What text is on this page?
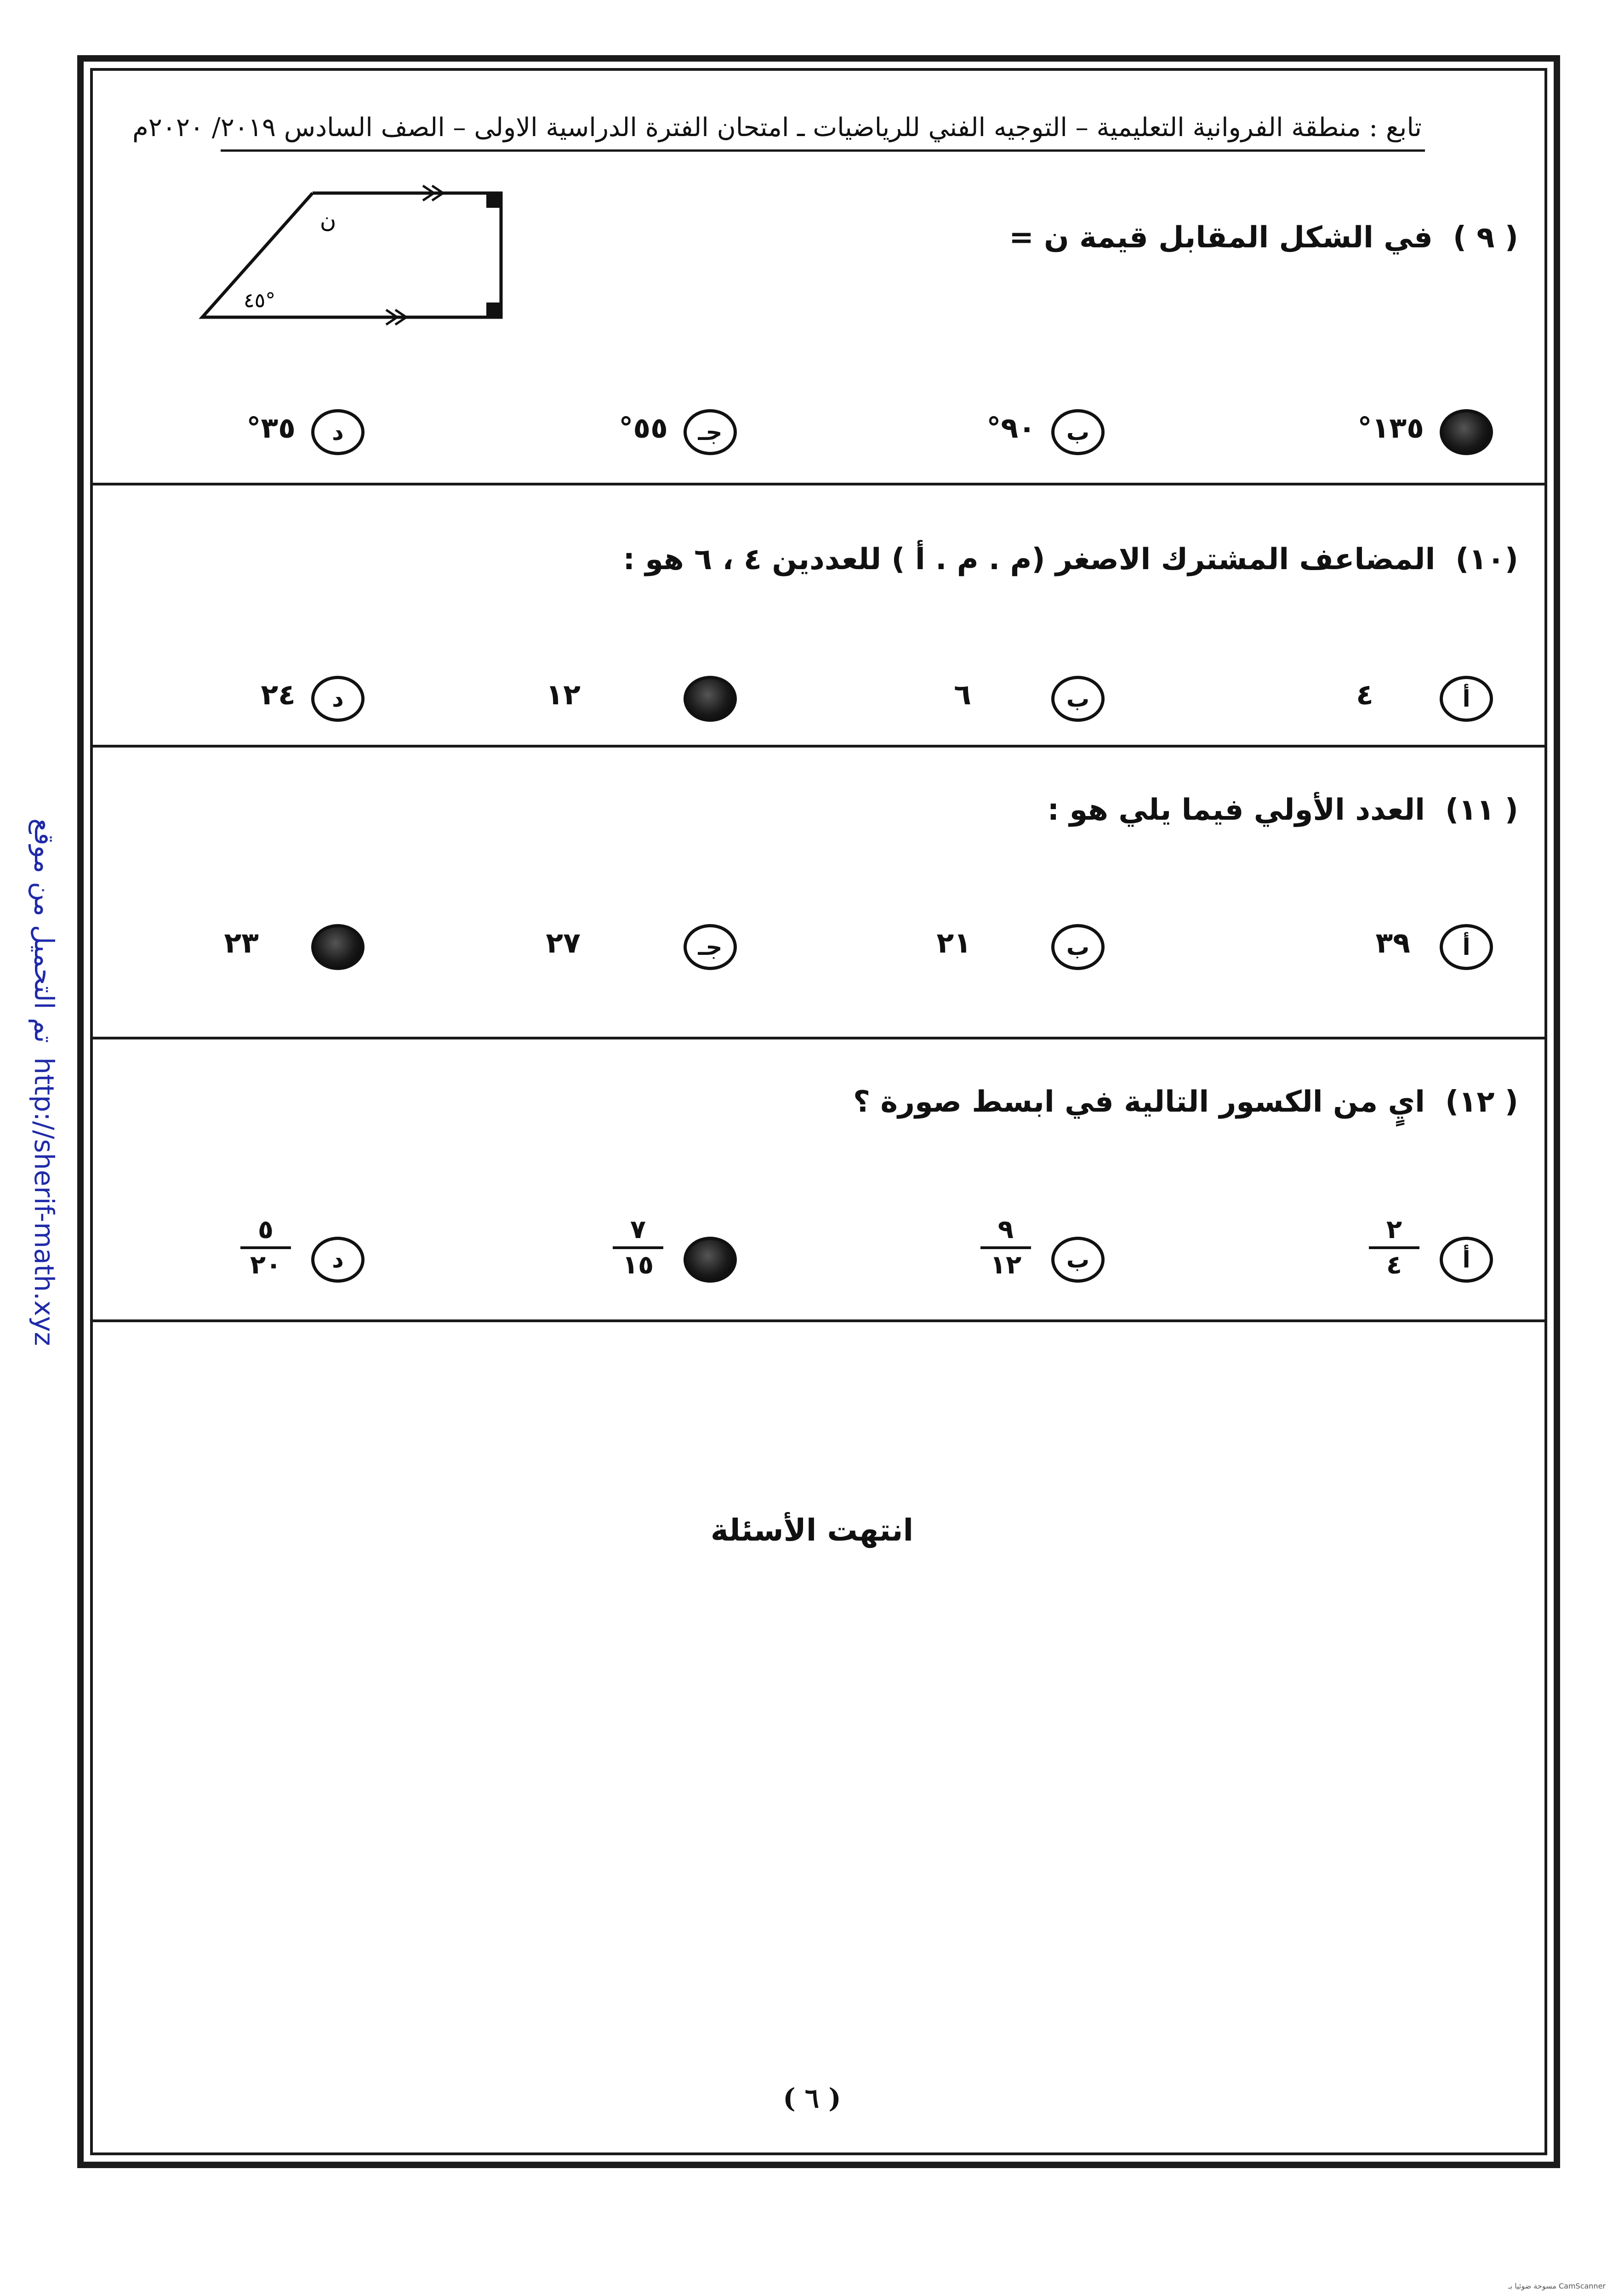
تابع : منطقة الفروانية التعليمية – التوجيه الفني للرياضيات ـ امتحان الفترة الدراسية الاولى – الصف السادس ٢٠١٩/ ٢٠٢٠م
( ٩ )في الشكل المقابل قيمة ن =
ن
٤٥°
١٣٥°
ب
٩٠°
جـ
٥٥°
د
٣٥°
(١٠)المضاعف المشترك الاصغر (م . م . أ ) للعددين ٤ ، ٦ هو :
أ
٤
ب
٦
١٢
د
٢٤
( ١١)العدد الأولي فيما يلي هو :
أ
٣٩
ب
٢١
جـ
٢٧
٢٣
( ١٢)ايٍ من الكسور التالية في ابسط صورة ؟
أ
٢
٤
ب
٩
١٢
٧
١٥
د
٥
٢٠
انتهت الأسئلة
( ٦ )
تم التحميل من موقع
http://sherif-math.xyz
CamScanner مسوحة ضوئيا بـ
